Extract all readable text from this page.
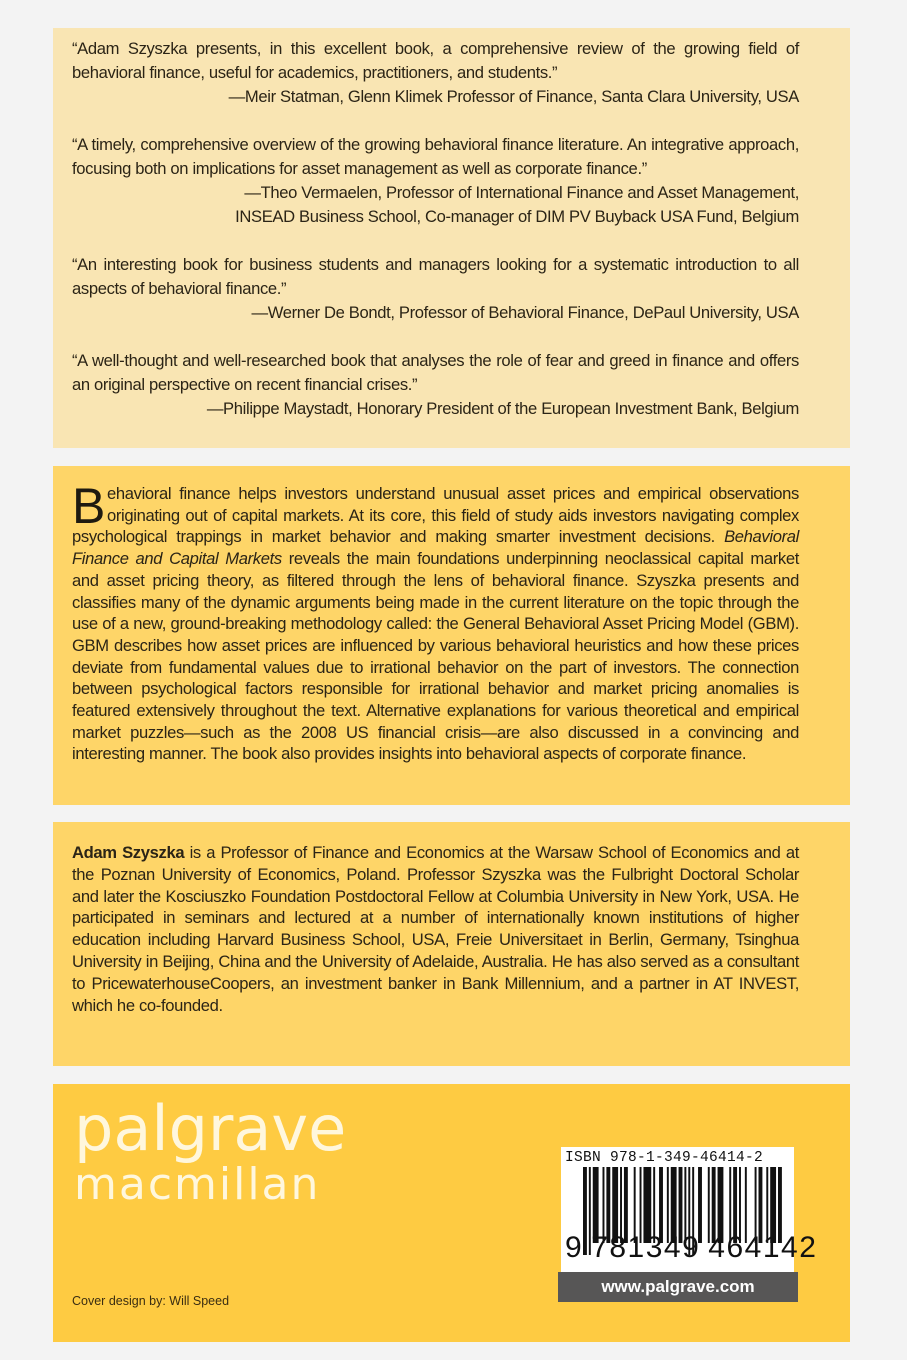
“Adam Szyszka presents, in this excellent book, a comprehensive review of the growing field of behavioral finance, useful for academics, practitioners, and students.”

—Meir Statman, Glenn Klimek Professor of Finance, Santa Clara University, USA

“A timely, comprehensive overview of the growing behavioral finance literature. An integrative approach, focusing both on implications for asset management as well as corporate finance.”

—Theo Vermaelen, Professor of International Finance and Asset Management,

INSEAD Business School, Co-manager of DIM PV Buyback USA Fund, Belgium

“An interesting book for business students and managers looking for a systematic introduction to all aspects of behavioral finance.”

—Werner De Bondt, Professor of Behavioral Finance, DePaul University, USA

“A well-thought and well-researched book that analyses the role of fear and greed in finance and offers an original perspective on recent financial crises.”

—Philippe Maystadt, Honorary President of the European Investment Bank, Belgium

Behavioral finance helps investors understand unusual asset prices and empirical observations originating out of capital markets. At its core, this field of study aids investors navigating complex psychological trappings in market behavior and making smarter investment decisions. Behavioral Finance and Capital Markets reveals the main foundations underpinning neoclassical capital market and asset pricing theory, as filtered through the lens of behavioral finance. Szyszka presents and classifies many of the dynamic arguments being made in the current literature on the topic through the use of a new, ground-breaking methodology called: the General Behavioral Asset Pricing Model (GBM). GBM describes how asset prices are influenced by various behavioral heuristics and how these prices deviate from fundamental values due to irrational behavior on the part of investors. The connection between psychological factors responsible for irrational behavior and market pricing anomalies is featured extensively throughout the text. Alternative explanations for various theoretical and empirical market puzzles—such as the 2008 US financial crisis—are also discussed in a convincing and interesting manner. The book also provides insights into behavioral aspects of corporate finance.

Adam Szyszka is a Professor of Finance and Economics at the Warsaw School of Economics and at the Poznan University of Economics, Poland. Professor Szyszka was the Fulbright Doctoral Scholar and later the Kosciuszko Foundation Postdoctoral Fellow at Columbia University in New York, USA. He participated in seminars and lectured at a number of internationally known institutions of higher education including Harvard Business School, USA, Freie Universitaet in Berlin, Germany, Tsinghua University in Beijing, China and the University of Adelaide, Australia. He has also served as a consultant to PricewaterhouseCoopers, an investment banker in Bank Millennium, and a partner in AT INVEST, which he co-founded.

palgrave
macmillan
Cover design by: Will Speed
ISBN 978-1-349-46414-2
9 781349 464142
www.palgrave.com
